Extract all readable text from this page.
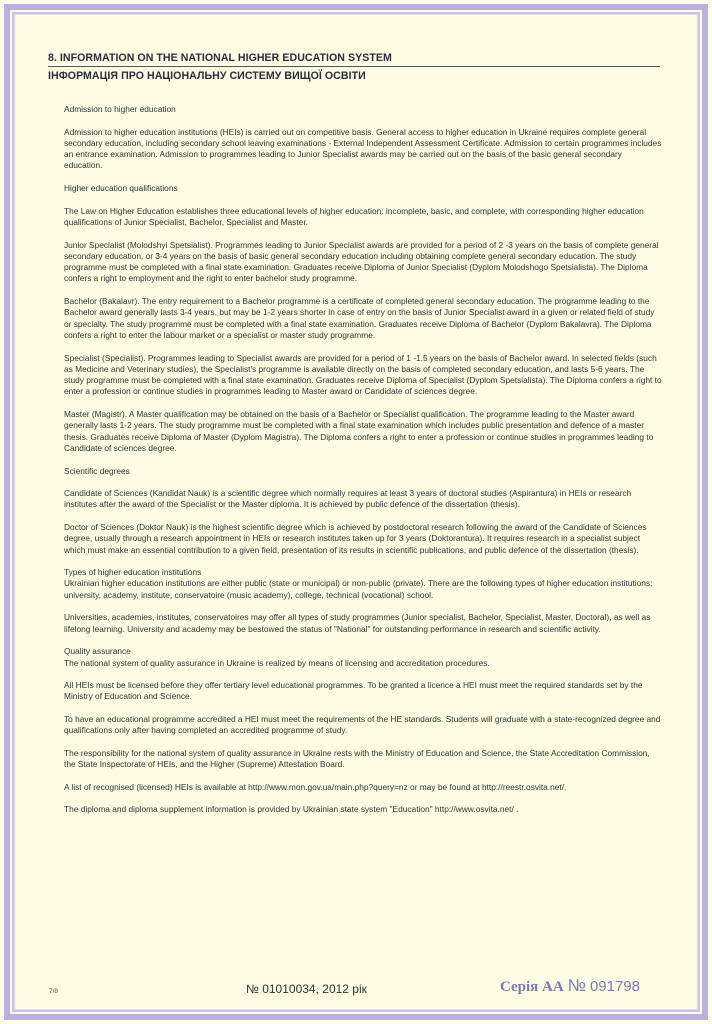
8. INFORMATION ON THE NATIONAL HIGHER EDUCATION SYSTEM
ІНФОРМАЦІЯ ПРО НАЦІОНАЛЬНУ СИСТЕМУ ВИЩОЇ ОСВІТИ

Admission to higher education

Admission to higher education institutions (HEIs) is carried out on competitive basis. General access to higher education in Ukraine requires complete general secondary education, including secondary school leaving examinations - External Independent Assessment Certificate. Admission to certain programmes includes an entrance examination. Admission to programmes leading to Junior Specialist awards may be carried out on the basis of the basic general secondary education.

Higher education qualifications

The Law on Higher Education establishes three educational levels of higher education: incomplete, basic, and complete, with corresponding higher education qualifications of Junior Specialist, Bachelor, Specialist and Master.

Junior Specialist (Molodshyi Spetsialist). Programmes leading to Junior Specialist awards are provided for a period of 2 -3 years on the basis of complete general secondary education, or 3-4 years on the basis of basic general secondary education including obtaining complete general secondary education. The study programme must be completed with a final state examination. Graduates receive Diploma of Junior Specialist (Dyplom Molodshogo Spetsialista). The Diploma confers a right to employment and the right to enter bachelor study programme.

Bachelor (Bakalavr). The entry requirement to a Bachelor programme is a certificate of completed general secondary education. The programme leading to the Bachelor award generally lasts 3-4 years, but may be 1-2 years shorter in case of entry on the basis of Junior Specialist award in a given or related field of study or specialty. The study programme must be completed with a final state examination. Graduates receive Diploma of Bachelor (Dyplom Bakalavra). The Diploma confers a right to enter the labour market or a specialist or master study programme.

Specialist (Specialist). Programmes leading to Specialist awards are provided for a period of 1 -1.5 years on the basis of Bachelor award. In selected fields (such as Medicine and Veterinary studies), the Specialist's programme is available directly on the basis of completed secondary education, and lasts 5-6 years. The study programme must be completed with a final state examination. Graduates receive Diploma of Specialist (Dyplom Spetsialista). The Diploma confers a right to enter a profession or continue studies in programmes leading to Master award or Candidate of sciences degree.

Master (Magistr). A Master qualification may be obtained on the basis of a Bachelor or Specialist qualification. The programme leading to the Master award generally lasts 1-2 years. The study programme must be completed with a final state examination which includes public presentation and defence of a master thesis. Graduates receive Diploma of Master (Dyplom Magistra). The Diploma confers a right to enter a profession or continue studies in programmes leading to Candidate of sciences degree.

Scientific degrees

Candidate of Sciences (Kandidat Nauk) is a scientific degree which normally requires at least 3 years of doctoral studies (Aspirantura) in HEIs or research institutes after the award of the Specialist or the Master diploma. It is achieved by public defence of the dissertation (thesis).

Doctor of Sciences (Doktor Nauk) is the highest scientific degree which is achieved by postdoctoral research following the award of the Candidate of Sciences degree, usually through a research appointment in HEIs or research institutes taken up for 3 years (Doktorantura). It requires research in a specialist subject which must make an essential contribution to a given field, presentation of its results in scientific publications, and public defence of the dissertation (thesis).

Types of higher education institutions

Ukrainian higher education institutions are either public (state or municipal) or non-public (private). There are the following types of higher education institutions: university, academy, institute, conservatoire (music academy), college, technical (vocational) school.

Universities, academies, institutes, conservatoires may offer all types of study programmes (Junior specialist, Bachelor, Specialist, Master, Doctoral), as well as lifelong learning. University and academy may be bestowed the status of "National" for outstanding performance in research and scientific activity.

Quality assurance

The national system of quality assurance in Ukraine is realized by means of licensing and accreditation procedures.

All HEIs must be licensed before they offer tertiary level educational programmes. To be granted a licence a HEI must meet the required standards set by the Ministry of Education and Science.

To have an educational programme accredited a HEI must meet the requirements of the HE standards. Students will graduate with a state-recognized degree and qualifications only after having completed an accredited programme of study.

The responsibility for the national system of quality assurance in Ukraine rests with the Ministry of Education and Science, the State Accreditation Commission, the State Inspectorate of HEIs, and the Higher (Supreme) Attestation Board.

A list of recognised (licensed) HEIs is available at http://www.mon.gov.ua/main.php?query=nz or may be found at http://reestr.osvita.net/.

The diploma and diploma supplement information is provided by Ukrainian state system "Education" http://www.osvita.net/ .

7/8	№ 01010034, 2012 рік	Серія АА № 091798
